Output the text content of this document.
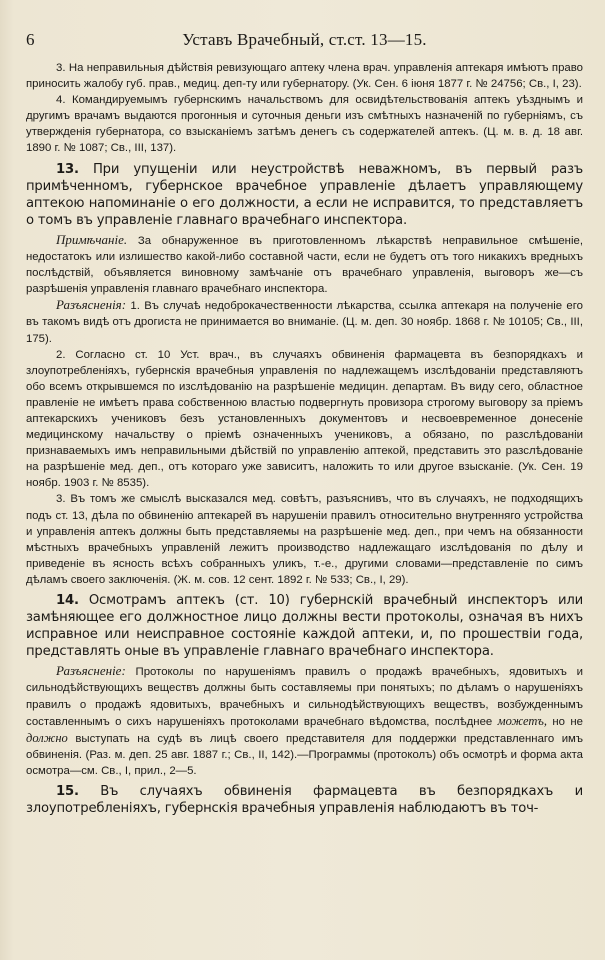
6	Уставъ Врачебный, ст.ст. 13—15.

3. На неправильныя дѣйствія ревизующаго аптеку члена врач. управленія аптекаря имѣютъ право приносить жалобу губ. прав., медиц. деп-ту или губернатору. (Ук. Сен. 6 іюня 1877 г. № 24756; Св., I, 23).

4. Командируемымъ губернскимъ начальствомъ для освидѣтельствованія аптекъ уѣзднымъ и другимъ врачамъ выдаются прогонныя и суточныя деньги изъ смѣтныхъ назначеній по губерніямъ, съ утвержденія губернатора, со взысканіемъ затѣмъ денегъ съ содержателей аптекъ. (Ц. м. в. д. 18 авг. 1890 г. № 1087; Св., III, 137).

13. При упущеніи или неустройствѣ неважномъ, въ первый разъ примѣченномъ, губернское врачебное управленіе дѣлаетъ управляющему аптекою напоминаніе о его должности, а если не исправится, то представляетъ о томъ въ управленіе главнаго врачебнаго инспектора.

Примѣчаніе. За обнаруженное въ приготовленномъ лѣкарствѣ неправильное смѣшеніе, недостатокъ или излишество какой-либо составной части, если не будетъ отъ того никакихъ вредныхъ послѣдствій, объявляется виновному замѣчаніе отъ врачебнаго управленія, выговоръ же—съ разрѣшенія управленія главнаго врачебнаго инспектора.

Разъясненія: 1. Въ случаѣ недоброкачественности лѣкарства, ссылка аптекаря на полученіе его въ такомъ видѣ отъ дрогиста не принимается во вниманіе. (Ц. м. деп. 30 ноябр. 1868 г. № 10105; Св., III, 175).

2. Согласно ст. 10 Уст. врач., въ случаяхъ обвиненія фармацевта въ безпорядкахъ и злоупотребленіяхъ, губернскія врачебныя управленія по надлежащемъ изслѣдованіи представляютъ обо всемъ открывшемся по изслѣдованію на разрѣшеніе медицин. департам. Въ виду сего, областное правленіе не имѣетъ права собственною властью подвергнуть провизора строгому выговору за пріемъ аптекарскихъ учениковъ безъ установленныхъ документовъ и несвоевременное донесеніе медицинскому начальству о пріемѣ означенныхъ учениковъ, а обязано, по разслѣдованіи признаваемыхъ имъ неправильными дѣйствій по управленію аптекой, представить это разслѣдованіе на разрѣшеніе мед. деп., отъ котораго уже зависитъ, наложить то или другое взысканіе. (Ук. Сен. 19 ноябр. 1903 г. № 8535).

3. Въ томъ же смыслѣ высказался мед. совѣтъ, разъяснивъ, что въ случаяхъ, не подходящихъ подъ ст. 13, дѣла по обвиненію аптекарей въ нарушеніи правилъ относительно внутренняго устройства и управленія аптекъ должны быть представляемы на разрѣшеніе мед. деп., при чемъ на обязанности мѣстныхъ врачебныхъ управленій лежитъ производство надлежащаго изслѣдованія по дѣлу и приведеніе въ ясность всѣхъ собранныхъ уликъ, т.-е., другими словами—представленіе по симъ дѣламъ своего заключенія. (Ж. м. сов. 12 сент. 1892 г. № 533; Св., I, 29).

14. Осмотрамъ аптекъ (ст. 10) губернскій врачебный инспекторъ или замѣняющее его должностное лицо должны вести протоколы, означая въ нихъ исправное или неисправное состояніе каждой аптеки, и, по прошествіи года, представлять оные въ управленіе главнаго врачебнаго инспектора.

Разъясненіе: Протоколы по нарушеніямъ правилъ о продажѣ врачебныхъ, ядовитыхъ и сильнодѣйствующихъ веществъ должны быть составляемы при понятыхъ; по дѣламъ о нарушеніяхъ правилъ о продажѣ ядовитыхъ, врачебныхъ и сильнодѣйствующихъ веществъ, возбужденнымъ составленнымъ о сихъ нарушеніяхъ протоколами врачебнаго вѣдомства, послѣднее можетъ, но не должно выступать на судѣ въ лицѣ своего представителя для поддержки представленнаго имъ обвиненія. (Раз. м. деп. 25 авг. 1887 г.; Св., II, 142).—Программы (протоколъ) объ осмотрѣ и форма акта осмотра—см. Св., I, прил., 2—5.

15. Въ случаяхъ обвиненія фармацевта въ безпорядкахъ и злоупотребленіяхъ, губернскія врачебныя управленія наблюдаютъ въ точ-
